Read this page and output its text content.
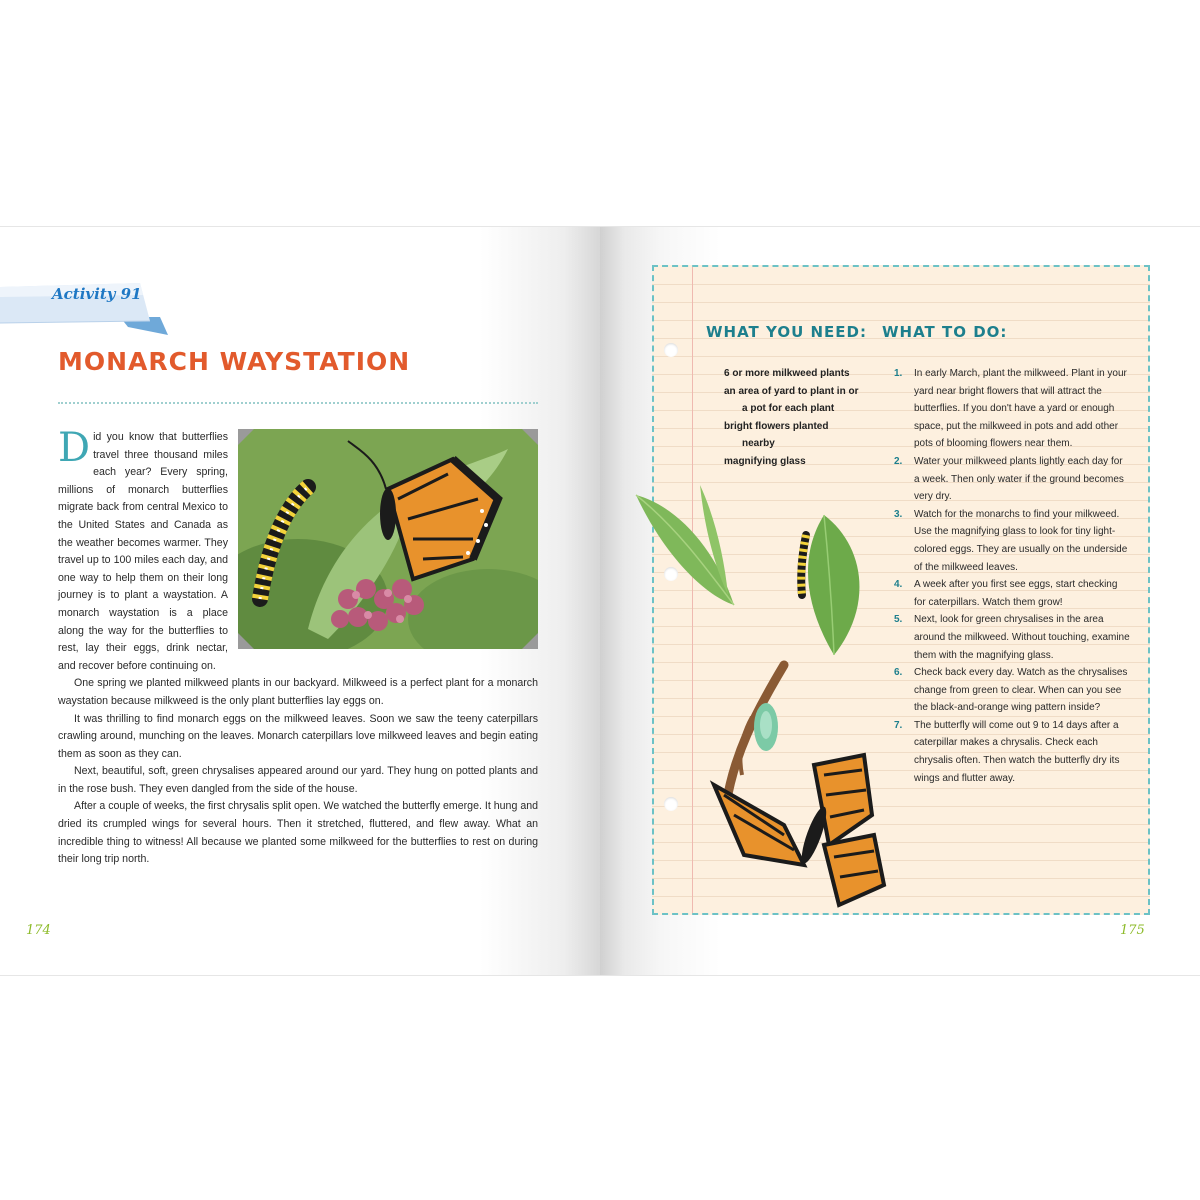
Activity 91
MONARCH WAYSTATION

Did you know that butterflies travel three thousand miles each year? Every spring, millions of monarch butterflies migrate back from central Mexico to the United States and Canada as the weather becomes warmer. They travel up to 100 miles each day, and one way to help them on their long journey is to plant a waystation. A monarch waystation is a place along the way for the butterflies to rest, lay their eggs, drink nectar, and recover before continuing on.

One spring we planted milkweed plants in our backyard. Milkweed is a perfect plant for a monarch waystation because milkweed is the only plant butterflies lay eggs on.

It was thrilling to find monarch eggs on the milkweed leaves. Soon we saw the teeny caterpillars crawling around, munching on the leaves. Monarch caterpillars love milkweed leaves and begin eating them as soon as they can.

Next, beautiful, soft, green chrysalises appeared around our yard. They hung on potted plants and in the rose bush. They even dangled from the side of the house.

After a couple of weeks, the first chrysalis split open. We watched the butterfly emerge. It hung and dried its crumpled wings for several hours. Then it stretched, fluttered, and flew away. What an incredible thing to witness! All because we planted some milkweed for the butterflies to rest on during their long trip north.

174
WHAT YOU NEED: WHAT TO DO:
6 or more milkweed plants
an area of yard to plant in or a pot for each plant
bright flowers planted nearby
magnifying glass
1. In early March, plant the milkweed. Plant in your yard near bright flowers that will attract the butterflies. If you don't have a yard or enough space, put the milkweed in pots and add other pots of blooming flowers near them.
2. Water your milkweed plants lightly each day for a week. Then only water if the ground becomes very dry.
3. Watch for the monarchs to find your milkweed. Use the magnifying glass to look for tiny light-colored eggs. They are usually on the underside of the milkweed leaves.
4. A week after you first see eggs, start checking for caterpillars. Watch them grow!
5. Next, look for green chrysalises in the area around the milkweed. Without touching, examine them with the magnifying glass.
6. Check back every day. Watch as the chrysalises change from green to clear. When can you see the black-and-orange wing pattern inside?
7. The butterfly will come out 9 to 14 days after a caterpillar makes a chrysalis. Check each chrysalis often. Then watch the butterfly dry its wings and flutter away.
175
